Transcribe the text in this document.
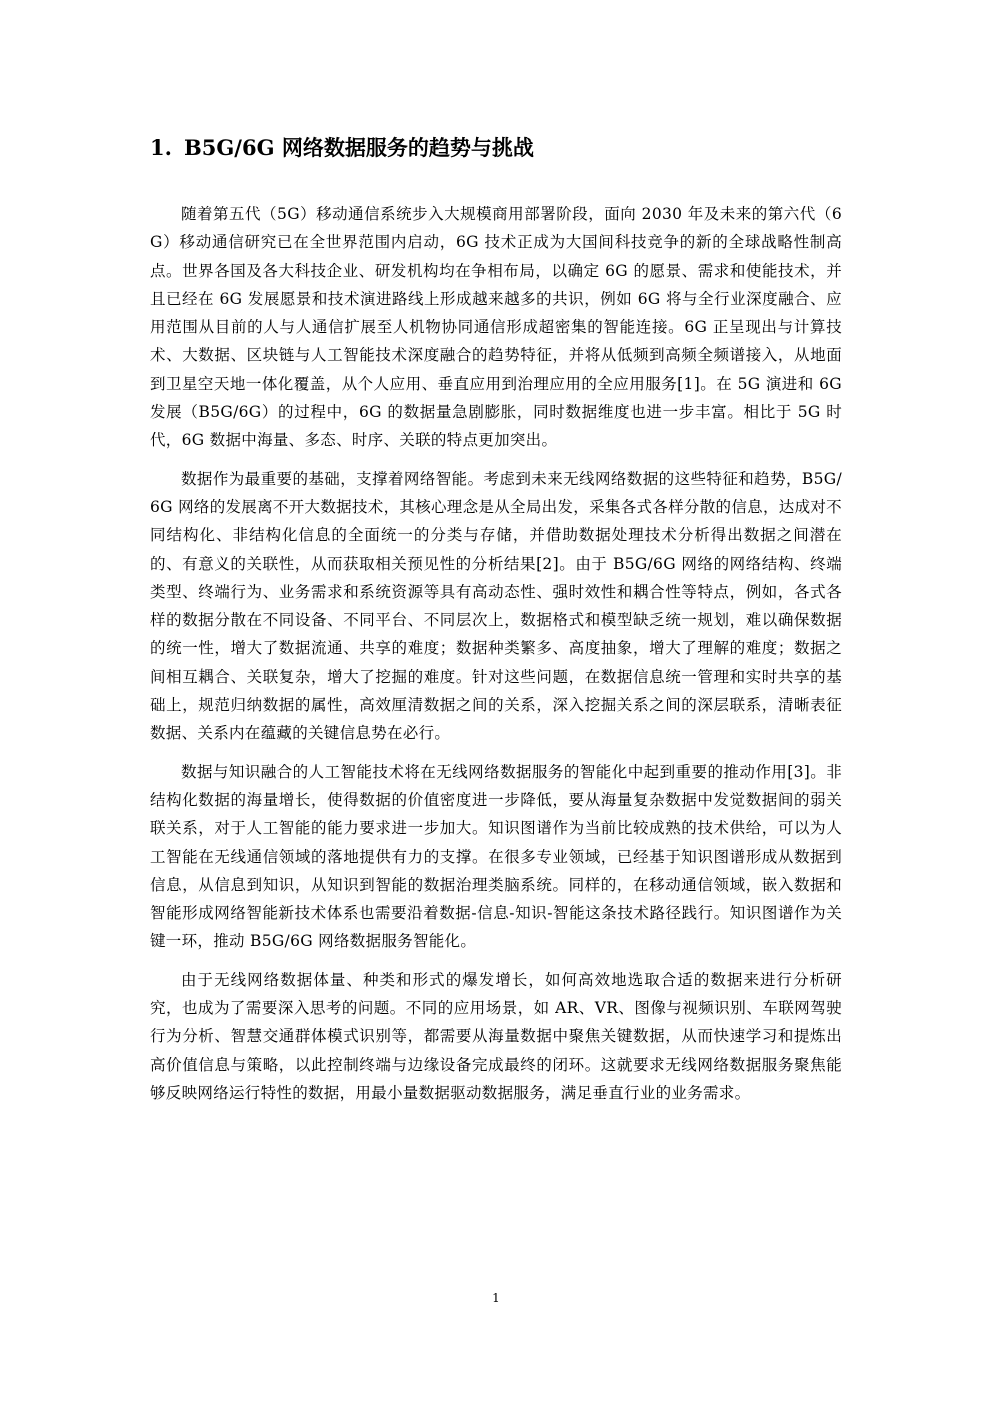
1. B5G/6G 网络数据服务的趋势与挑战

随着第五代（5G）移动通信系统步入大规模商用部署阶段，面向 2030 年及未来的第六代（6G）移动通信研究已在全世界范围内启动，6G 技术正成为大国间科技竞争的新的全球战略性制高点。世界各国及各大科技企业、研发机构均在争相布局，以确定 6G 的愿景、需求和使能技术，并且已经在 6G 发展愿景和技术演进路线上形成越来越多的共识，例如 6G 将与全行业深度融合、应用范围从目前的人与人通信扩展至人机物协同通信形成超密集的智能连接。6G 正呈现出与计算技术、大数据、区块链与人工智能技术深度融合的趋势特征，并将从低频到高频全频谱接入，从地面到卫星空天地一体化覆盖，从个人应用、垂直应用到治理应用的全应用服务[1]。在 5G 演进和 6G 发展（B5G/6G）的过程中，6G 的数据量急剧膨胀，同时数据维度也进一步丰富。相比于 5G 时代，6G 数据中海量、多态、时序、关联的特点更加突出。

数据作为最重要的基础，支撑着网络智能。考虑到未来无线网络数据的这些特征和趋势，B5G/6G 网络的发展离不开大数据技术，其核心理念是从全局出发，采集各式各样分散的信息，达成对不同结构化、非结构化信息的全面统一的分类与存储，并借助数据处理技术分析得出数据之间潜在的、有意义的关联性，从而获取相关预见性的分析结果[2]。由于 B5G/6G 网络的网络结构、终端类型、终端行为、业务需求和系统资源等具有高动态性、强时效性和耦合性等特点，例如，各式各样的数据分散在不同设备、不同平台、不同层次上，数据格式和模型缺乏统一规划，难以确保数据的统一性，增大了数据流通、共享的难度；数据种类繁多、高度抽象，增大了理解的难度；数据之间相互耦合、关联复杂，增大了挖掘的难度。针对这些问题，在数据信息统一管理和实时共享的基础上，规范归纳数据的属性，高效厘清数据之间的关系，深入挖掘关系之间的深层联系，清晰表征数据、关系内在蕴藏的关键信息势在必行。

数据与知识融合的人工智能技术将在无线网络数据服务的智能化中起到重要的推动作用[3]。非结构化数据的海量增长，使得数据的价值密度进一步降低，要从海量复杂数据中发觉数据间的弱关联关系，对于人工智能的能力要求进一步加大。知识图谱作为当前比较成熟的技术供给，可以为人工智能在无线通信领域的落地提供有力的支撑。在很多专业领域，已经基于知识图谱形成从数据到信息，从信息到知识，从知识到智能的数据治理类脑系统。同样的，在移动通信领域，嵌入数据和智能形成网络智能新技术体系也需要沿着数据-信息-知识-智能这条技术路径践行。知识图谱作为关键一环，推动 B5G/6G 网络数据服务智能化。

由于无线网络数据体量、种类和形式的爆发增长，如何高效地选取合适的数据来进行分析研究，也成为了需要深入思考的问题。不同的应用场景，如 AR、VR、图像与视频识别、车联网驾驶行为分析、智慧交通群体模式识别等，都需要从海量数据中聚焦关键数据，从而快速学习和提炼出高价值信息与策略，以此控制终端与边缘设备完成最终的闭环。这就要求无线网络数据服务聚焦能够反映网络运行特性的数据，用最小量数据驱动数据服务，满足垂直行业的业务需求。

1
